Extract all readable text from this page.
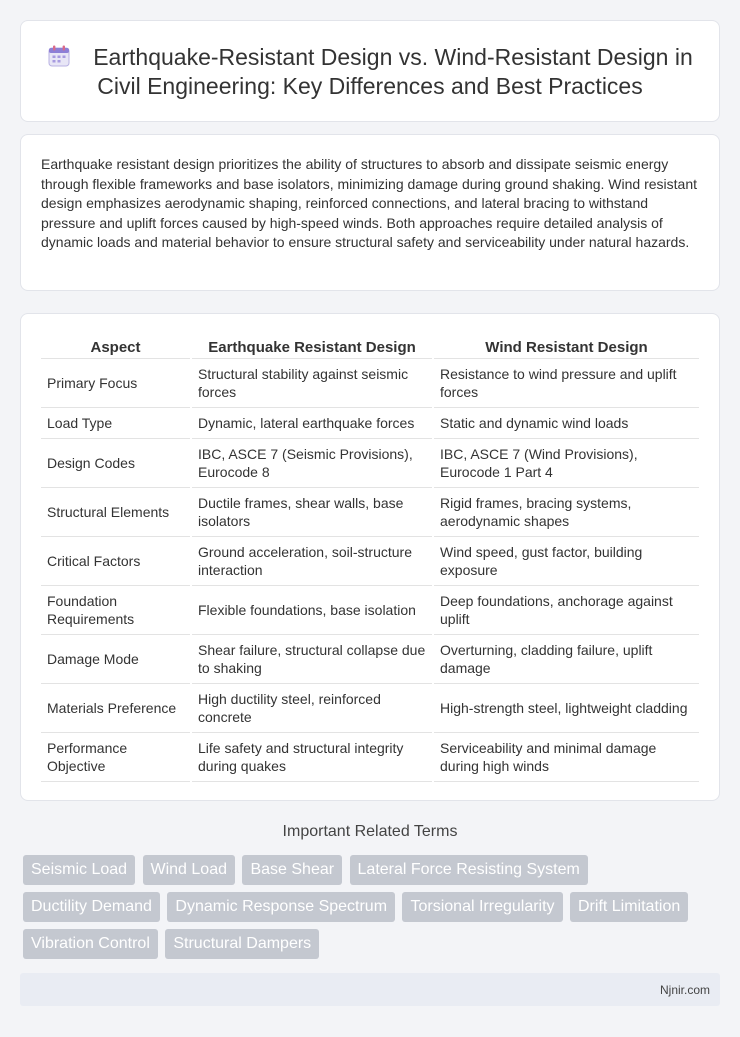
Earthquake-Resistant Design vs. Wind-Resistant Design in Civil Engineering: Key Differences and Best Practices

Earthquake resistant design prioritizes the ability of structures to absorb and dissipate seismic energy through flexible frameworks and base isolators, minimizing damage during ground shaking. Wind resistant design emphasizes aerodynamic shaping, reinforced connections, and lateral bracing to withstand pressure and uplift forces caused by high-speed winds. Both approaches require detailed analysis of dynamic loads and material behavior to ensure structural safety and serviceability under natural hazards.

Aspect	Earthquake Resistant Design	Wind Resistant Design
Primary Focus	Structural stability against seismic forces	Resistance to wind pressure and uplift forces
Load Type	Dynamic, lateral earthquake forces	Static and dynamic wind loads
Design Codes	IBC, ASCE 7 (Seismic Provisions), Eurocode 8	IBC, ASCE 7 (Wind Provisions), Eurocode 1 Part 4
Structural Elements	Ductile frames, shear walls, base isolators	Rigid frames, bracing systems, aerodynamic shapes
Critical Factors	Ground acceleration, soil-structure interaction	Wind speed, gust factor, building exposure
Foundation Requirements	Flexible foundations, base isolation	Deep foundations, anchorage against uplift
Damage Mode	Shear failure, structural collapse due to shaking	Overturning, cladding failure, uplift damage
Materials Preference	High ductility steel, reinforced concrete	High-strength steel, lightweight cladding
Performance Objective	Life safety and structural integrity during quakes	Serviceability and minimal damage during high winds
Important Related Terms
Seismic Load Wind Load Base Shear Lateral Force Resisting System Ductility Demand Dynamic Response Spectrum Torsional Irregularity Drift Limitation Vibration Control Structural Dampers
Njnir.com
